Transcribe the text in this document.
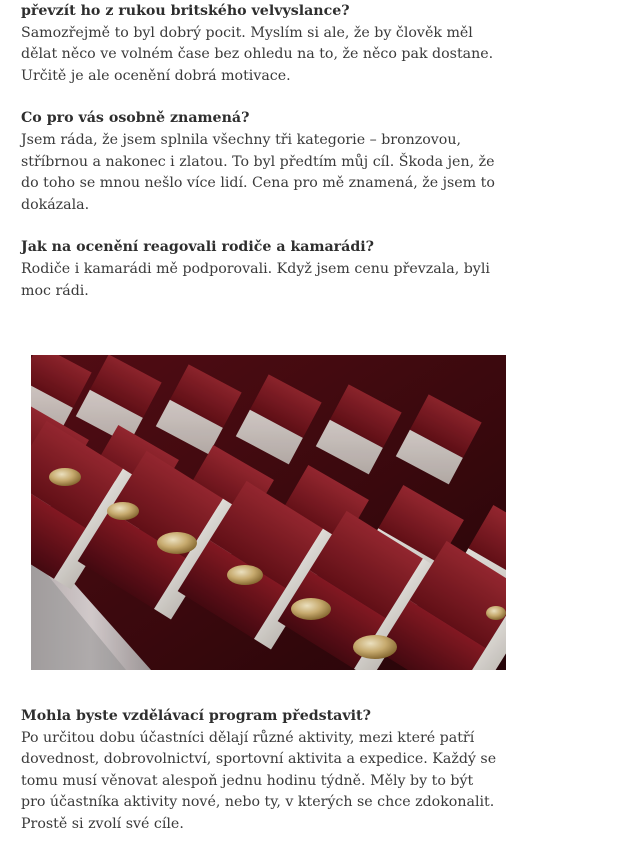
převzít ho z rukou britského velvyslance?

Samozřejmě to byl dobrý pocit. Myslím si ale, že by člověk měl

dělat něco ve volném čase bez ohledu na to, že něco pak dostane.

Určitě je ale ocenění dobrá motivace.

Co pro vás osobně znamená?

Jsem ráda, že jsem splnila všechny tři kategorie – bronzovou,

stříbrnou a nakonec i zlatou. To byl předtím můj cíl. Škoda jen, že

do toho se mnou nešlo více lidí. Cena pro mě znamená, že jsem to

dokázala.

Jak na ocenění reagovali rodiče a kamarádi?

Rodiče i kamarádi mě podporovali. Když jsem cenu převzala, byli

moc rádi.

Mohla byste vzdělávací program představit?

Po určitou dobu účastníci dělají různé aktivity, mezi které patří

dovednost, dobrovolnictví, sportovní aktivita a expedice. Každý se

tomu musí věnovat alespoň jednu hodinu týdně. Měly by to být

pro účastníka aktivity nové, nebo ty, v kterých se chce zdokonalit.

Prostě si zvolí své cíle.
